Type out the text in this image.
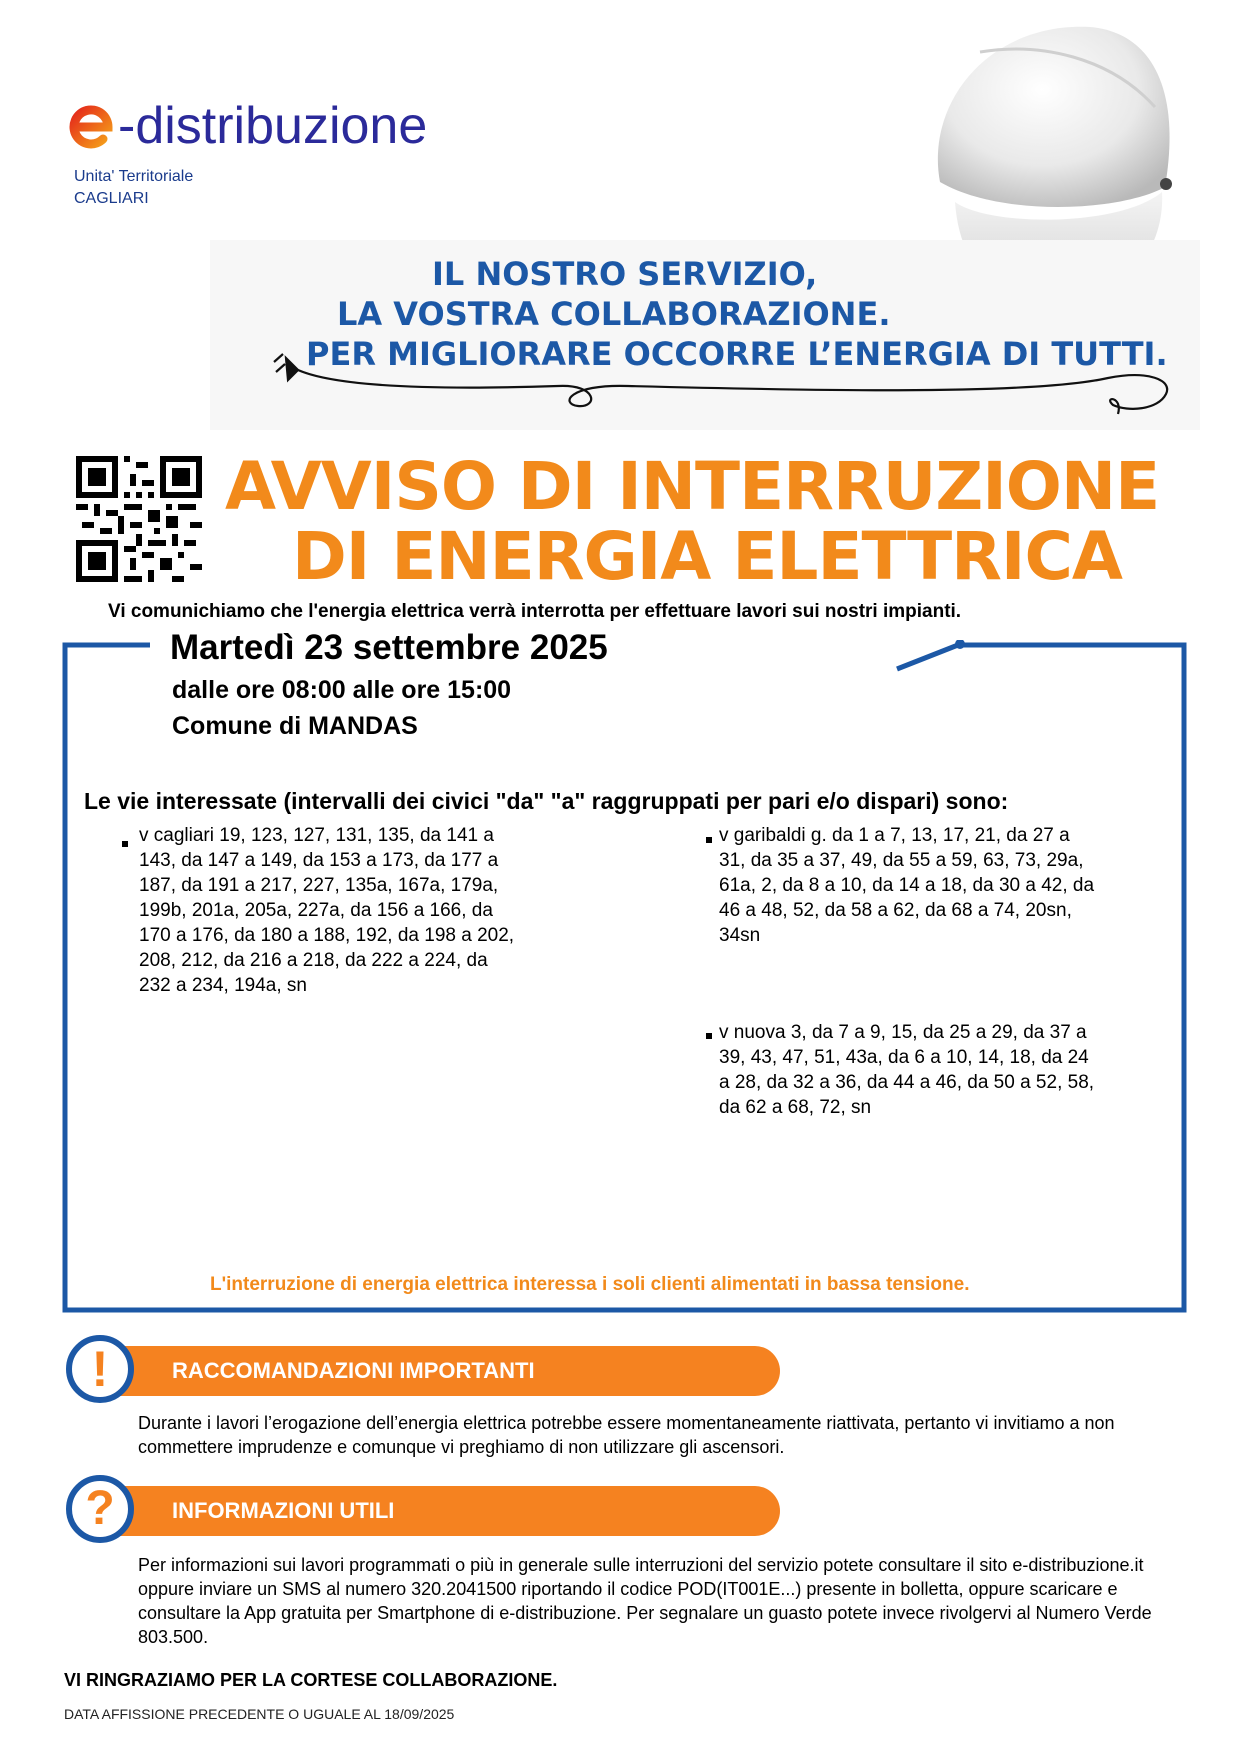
-distribuzione
Unita' Territoriale
CAGLIARI
IL NOSTRO SERVIZIO,
LA VOSTRA COLLABORAZIONE.
PER MIGLIORARE OCCORRE L’ENERGIA DI TUTTI.
AVVISO DI INTERRUZIONE
DI ENERGIA ELETTRICA
Vi comunichiamo che l'energia elettrica verrà interrotta per effettuare lavori sui nostri impianti.
Martedì 23 settembre 2025
dalle ore 08:00 alle ore 15:00
Comune di MANDAS
Le vie interessate (intervalli dei civici "da" "a" raggruppati per pari e/o dispari) sono:
v cagliari 19, 123, 127, 131, 135, da 141 a
143, da 147 a 149, da 153 a 173, da 177 a
187, da 191 a 217, 227, 135a, 167a, 179a,
199b, 201a, 205a, 227a, da 156 a 166, da
170 a 176, da 180 a 188, 192, da 198 a 202,
208, 212, da 216 a 218, da 222 a 224, da
232 a 234, 194a, sn
v garibaldi g. da 1 a 7, 13, 17, 21, da 27 a
31, da 35 a 37, 49, da 55 a 59, 63, 73, 29a,
61a, 2, da 8 a 10, da 14 a 18, da 30 a 42, da
46 a 48, 52, da 58 a 62, da 68 a 74, 20sn,
34sn
v nuova 3, da 7 a 9, 15, da 25 a 29, da 37 a
39, 43, 47, 51, 43a, da 6 a 10, 14, 18, da 24
a 28, da 32 a 36, da 44 a 46, da 50 a 52, 58,
da 62 a 68, 72, sn
L'interruzione di energia elettrica interessa i soli clienti alimentati in bassa tensione.
!	RACCOMANDAZIONI IMPORTANTI
Durante i lavori l’erogazione dell’energia elettrica potrebbe essere momentaneamente riattivata, pertanto vi invitiamo a non commettere imprudenze e comunque vi preghiamo di non utilizzare gli ascensori.
?	INFORMAZIONI UTILI
Per informazioni sui lavori programmati o più in generale sulle interruzioni del servizio potete consultare il sito e-distribuzione.it oppure inviare un SMS al numero 320.2041500 riportando il codice POD(IT001E...) presente in bolletta, oppure scaricare e consultare la App gratuita per Smartphone di e-distribuzione. Per segnalare un guasto potete invece rivolgervi al Numero Verde 803.500.
VI RINGRAZIAMO PER LA CORTESE COLLABORAZIONE.
DATA AFFISSIONE PRECEDENTE O UGUALE AL 18/09/2025
